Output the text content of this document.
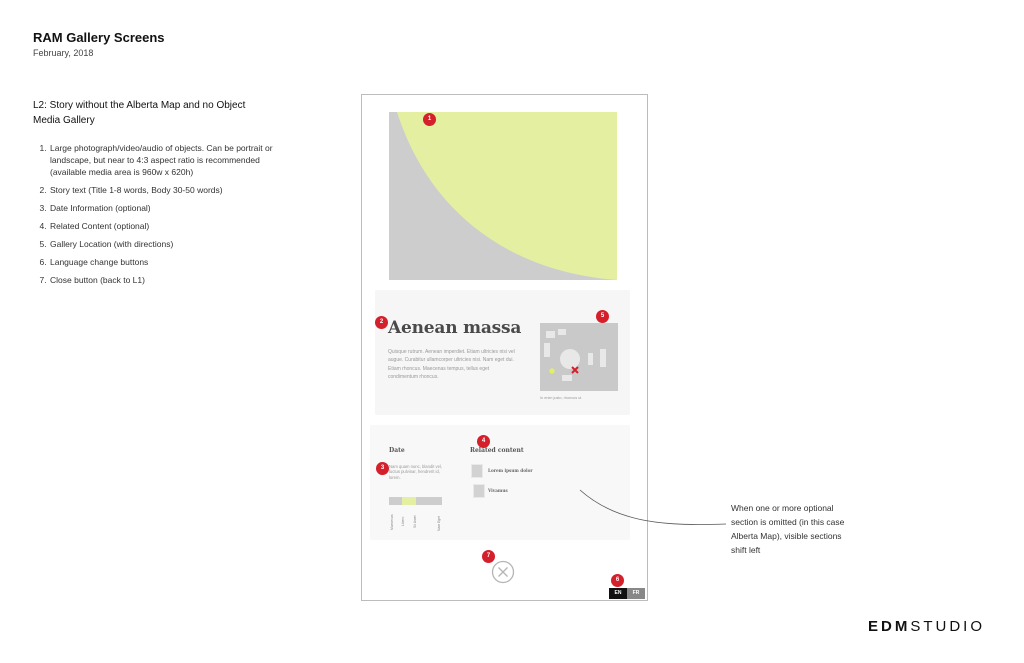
RAM Gallery Screens
February, 2018
L2: Story without the Alberta Map and no Object Media Gallery
1. Large photograph/video/audio of objects. Can be portrait or landscape, but near to 4:3 aspect ratio is recommended (available media area is 960w x 620h)
2. Story text (Title 1-8 words, Body 30-50 words)
3. Date Information (optional)
4. Related Content (optional)
5. Gallery Location (with directions)
6. Language change buttons
7. Close button (back to L1)
1
2
3
4
5
6
7
Aenean massa
Quisque rutrum. Aenean imperdiet. Etiam ultricies nisi vel augue. Curabitur ullamcorper ultricies nisi. Nam eget dui. Etiam rhoncus. Maecenas tempus, tellus eget condimentum rhoncus.
In enim justo, rhoncus ut
Date
Nam quam nunc, blandit vel, luctus pulvinar, hendrerit id, lorem.
Maecenas Libero Sit Amet	Nam Eget
Related content
Lorem ipsum dolor
Vivamus
EN	FR
When one or more optional section is omitted (in this case Alberta Map), visible sections shift left
EDMSTUDIO
